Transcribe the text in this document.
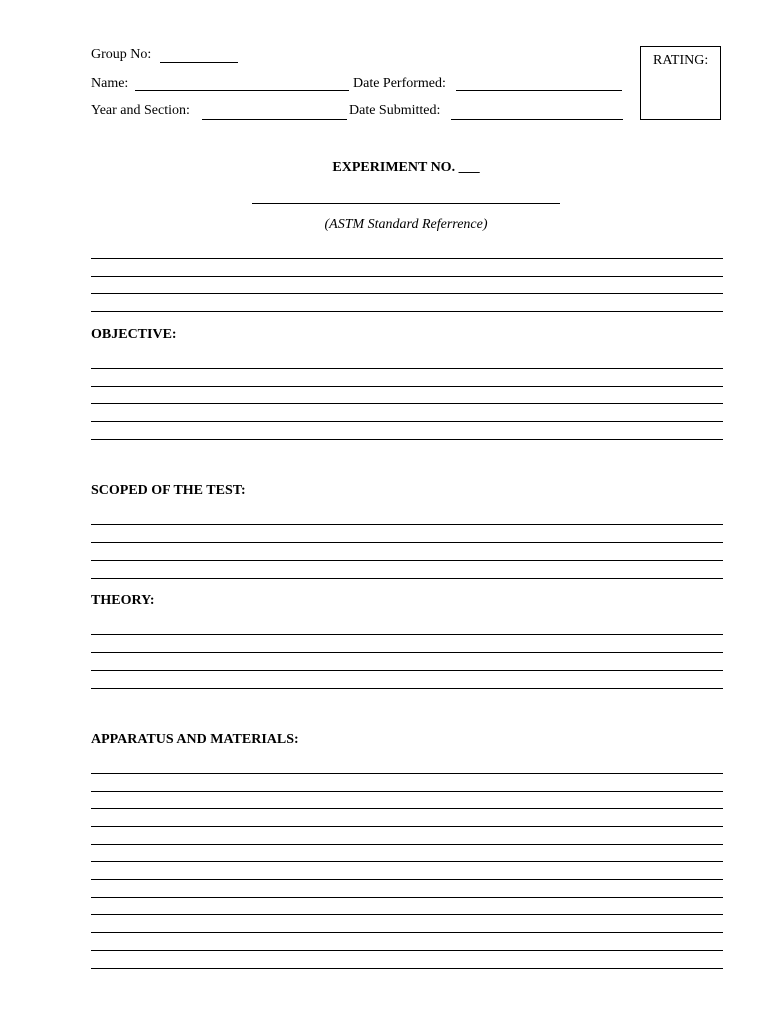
Group No:
Name:	Date Performed:
Year and Section:	Date Submitted:
RATING:
EXPERIMENT NO. ___
(ASTM Standard Referrence)
OBJECTIVE:
SCOPED OF THE TEST:
THEORY:
APPARATUS AND MATERIALS:
